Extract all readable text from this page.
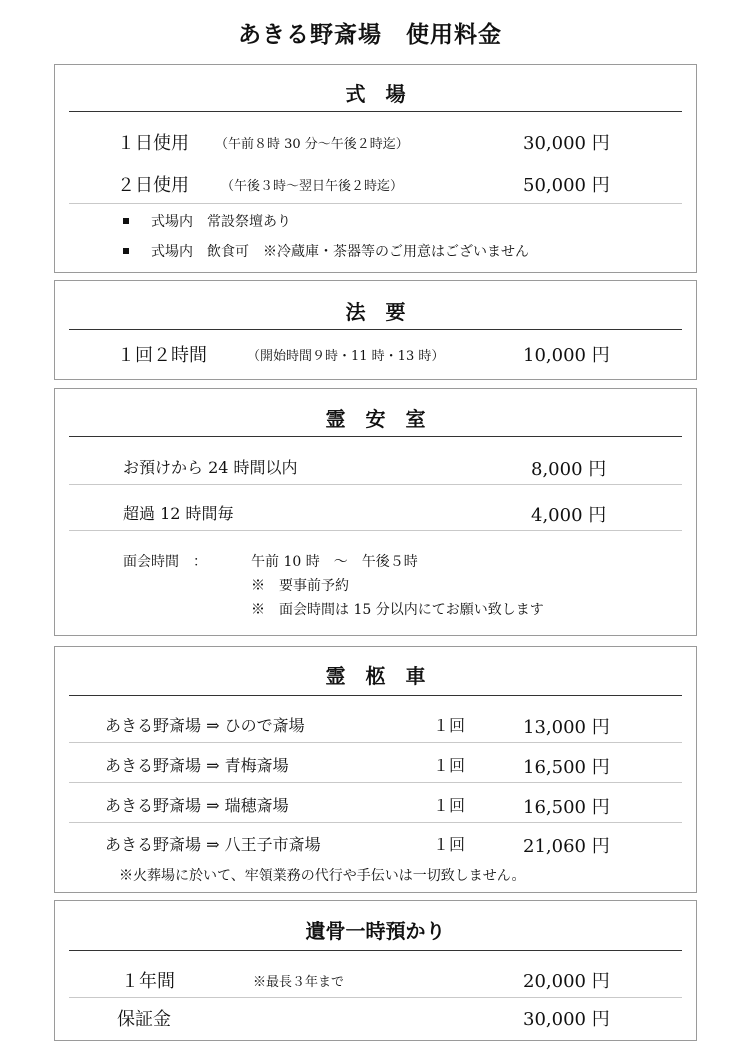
あきる野斎場　使用料金
式　場
１日使用 （午前８時 30 分〜午後２時迄）	30,000 円
２日使用 （午後３時〜翌日午後２時迄）	50,000 円
式場内　常設祭壇あり
式場内　飲食可　※冷蔵庫・茶器等のご用意はございません
法　要
１回２時間	（開始時間９時・11 時・13 時）	10,000 円
霊　安　室
お預けから 24 時間以内	8,000 円
超過 12 時間毎	4,000 円
面会時間　：	午前 10 時　〜　午後５時
※　要事前予約
※　面会時間は 15 分以内にてお願い致します
霊　柩　車
あきる野斎場 ⇒ ひので斎場	１回	13,000 円
あきる野斎場 ⇒ 青梅斎場	１回	16,500 円
あきる野斎場 ⇒ 瑞穂斎場	１回	16,500 円
あきる野斎場 ⇒ 八王子市斎場	１回	21,060 円
※火葬場に於いて、牢領業務の代行や手伝いは一切致しません。
遺骨一時預かり
１年間	※最長３年まで	20,000 円
保証金	30,000 円
